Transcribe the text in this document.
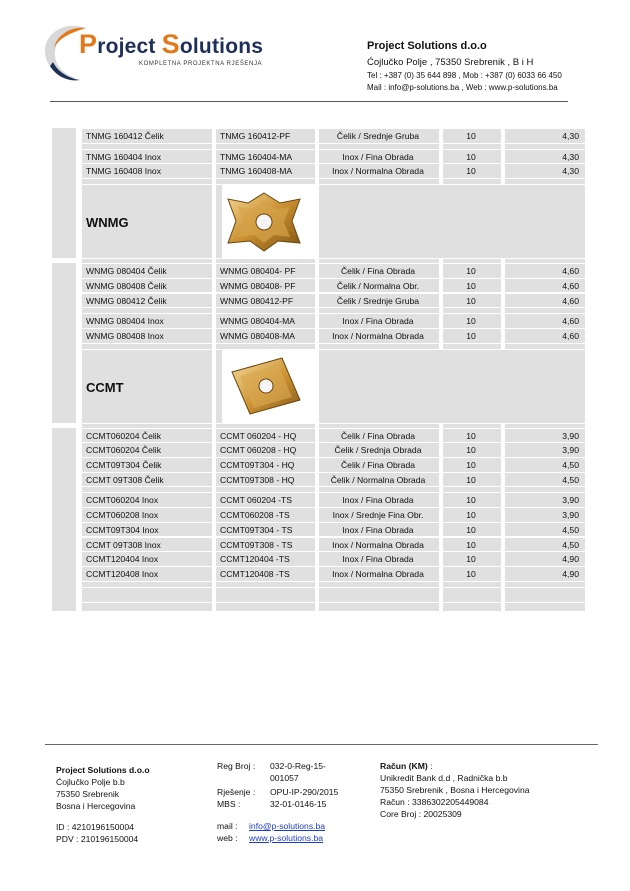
Project Solutions
KOMPLETNA PROJEKTNA RJEŠENJA
Project Solutions d.o.o
Ćojlučko Polje , 75350 Srebrenik , B i H
Tel : +387 (0) 35 644 898 , Mob : +387 (0) 6033 66 450
Mail : info@p-solutions.ba , Web : www.p-solutions.ba
TNMG 160412 Čelik	TNMG 160412-PF	Čelik / Srednje Gruba	10	4,30
TNMG 160404 Inox	TNMG 160404-MA	Inox / Fina Obrada	10	4,30
TNMG 160408 Inox	TNMG 160408-MA	Inox / Normalna Obrada	10	4,30
WNMG
WNMG 080404 Čelik	WNMG 080404- PF	Čelik / Fina Obrada	10	4,60
WNMG 080408 Čelik	WNMG 080408- PF	Čelik / Normalna Obr.	10	4,60
WNMG 080412 Čelik	WNMG 080412-PF	Čelik / Srednje Gruba	10	4,60
WNMG 080404 Inox	WNMG 080404-MA	Inox / Fina Obrada	10	4,60
WNMG 080408 Inox	WNMG 080408-MA	Inox / Normalna Obrada	10	4,60
CCMT
CCMT060204 Čelik	CCMT 060204 - HQ	Čelik / Fina Obrada	10	3,90
CCMT060204 Čelik	CCMT 060208 - HQ	Čelik / Srednja Obrada	10	3,90
CCMT09T304 Čelik	CCMT09T304 - HQ	Čelik / Fina Obrada	10	4,50
CCMT 09T308 Čelik	CCMT09T308 - HQ	Čelik / Normalna Obrada	10	4,50
CCMT060204 Inox	CCMT 060204 -TS	Inox / Fina Obrada	10	3,90
CCMT060208 Inox	CCMT060208 -TS	Inox / Srednje Fina Obr.	10	3,90
CCMT09T304 Inox	CCMT09T304 - TS	Inox / Fina Obrada	10	4,50
CCMT 09T308 Inox	CCMT09T308 - TS	Inox / Normalna Obrada	10	4,50
CCMT120404 Inox	CCMT120404 -TS	Inox / Fina Obrada	10	4,90
CCMT120408 Inox	CCMT120408 -TS	Inox / Normalna Obrada	10	4,90
Project Solutions d.o.o
Ćojlučko Polje b.b
75350 Srebrenik
Bosna i Hercegovina
ID : 4210196150004
PDV : 210196150004
Reg Broj : 032-0-Reg-15-
001057
Rješenje : OPU-IP-290/2015
MBS :	32-01-0146-15
mail : info@p-solutions.ba
web : www.p-solutions.ba
Račun (KM) :
Unikredit Bank d.d , Radnička b.b
75350 Srebrenik , Bosna i Hercegovina
Račun : 3386302205449084
Core Broj : 20025309
